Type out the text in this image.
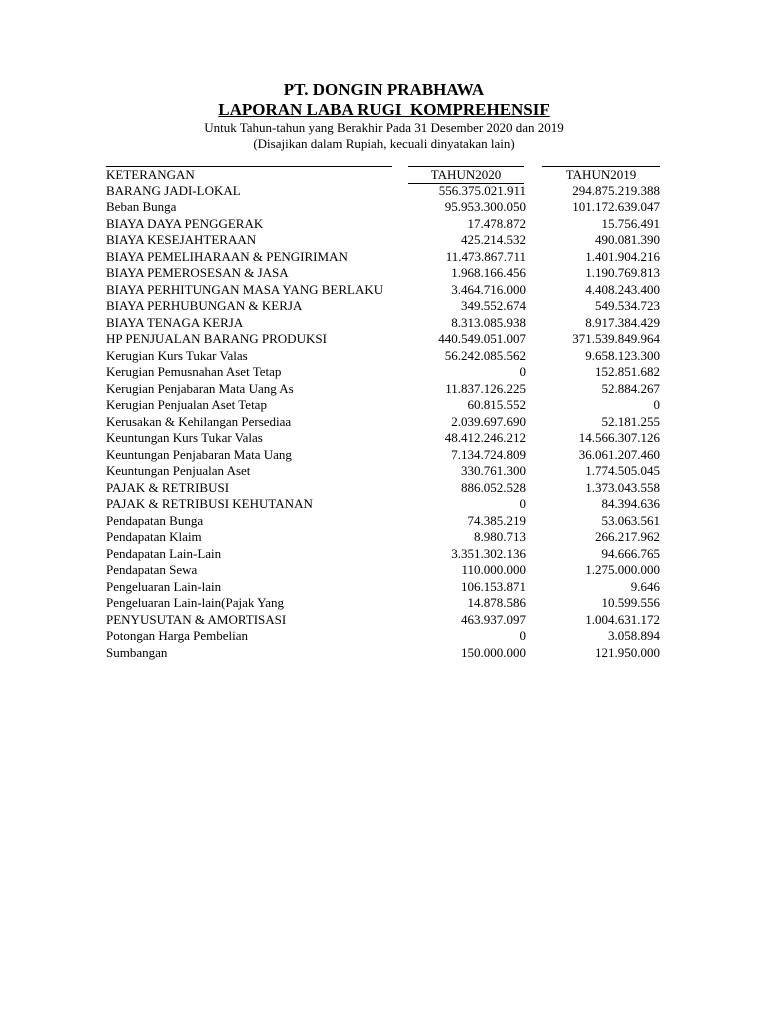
PT. DONGIN PRABHAWA
LAPORAN LABA RUGI  KOMPREHENSIF
Untuk Tahun-tahun yang Berakhir Pada 31 Desember 2020 dan 2019
(Disajikan dalam Rupiah, kecuali dinyatakan lain)
KETERANGAN	TAHUN2020	TAHUN2019
BARANG JADI-LOKAL	556.375.021.911	294.875.219.388
Beban Bunga	95.953.300.050	101.172.639.047
BIAYA DAYA PENGGERAK	17.478.872	15.756.491
BIAYA KESEJAHTERAAN	425.214.532	490.081.390
BIAYA PEMELIHARAAN & PENGIRIMAN	11.473.867.711	1.401.904.216
BIAYA PEMEROSESAN & JASA	1.968.166.456	1.190.769.813
BIAYA PERHITUNGAN MASA YANG BERLAKU	3.464.716.000	4.408.243.400
BIAYA PERHUBUNGAN & KERJA	349.552.674	549.534.723
BIAYA TENAGA KERJA	8.313.085.938	8.917.384.429
HP PENJUALAN BARANG PRODUKSI	440.549.051.007	371.539.849.964
Kerugian Kurs Tukar Valas	56.242.085.562	9.658.123.300
Kerugian Pemusnahan Aset Tetap	0	152.851.682
Kerugian Penjabaran Mata Uang As	11.837.126.225	52.884.267
Kerugian Penjualan Aset Tetap	60.815.552	0
Kerusakan & Kehilangan Persediaa	2.039.697.690	52.181.255
Keuntungan Kurs Tukar Valas	48.412.246.212	14.566.307.126
Keuntungan Penjabaran Mata Uang	7.134.724.809	36.061.207.460
Keuntungan Penjualan Aset	330.761.300	1.774.505.045
PAJAK & RETRIBUSI	886.052.528	1.373.043.558
PAJAK & RETRIBUSI KEHUTANAN	0	84.394.636
Pendapatan Bunga	74.385.219	53.063.561
Pendapatan Klaim	8.980.713	266.217.962
Pendapatan Lain-Lain	3.351.302.136	94.666.765
Pendapatan Sewa	110.000.000	1.275.000.000
Pengeluaran Lain-lain	106.153.871	9.646
Pengeluaran Lain-lain(Pajak Yang	14.878.586	10.599.556
PENYUSUTAN & AMORTISASI	463.937.097	1.004.631.172
Potongan Harga Pembelian	0	3.058.894
Sumbangan	150.000.000	121.950.000
